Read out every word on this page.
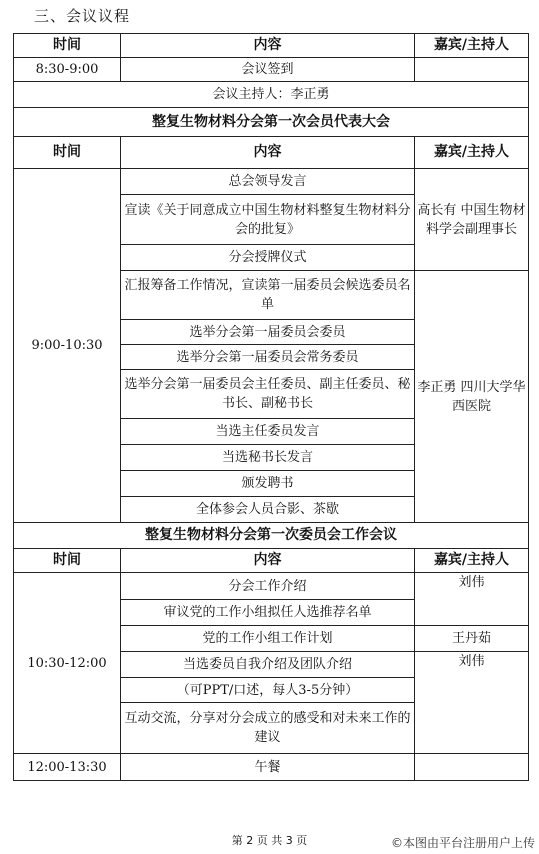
三、会议议程
时间	内容	嘉宾/主持人
8:30-9:00	会议签到	
会议主持人：李正勇		
整复生物材料分会第一次会员代表大会		
时间	内容	嘉宾/主持人
9:00-10:30	总会领导发言	高长有 中国生物材料学会副理事长
	宣读《关于同意成立中国生物材料整复生物材料分会的批复》	
	分会授牌仪式	
	汇报筹备工作情况，宣读第一届委员会候选委员名单	李正勇 四川大学华西医院
	选举分会第一届委员会委员	
	选举分会第一届委员会常务委员	
	选举分会第一届委员会主任委员、副主任委员、秘书长、副秘书长	
	当选主任委员发言	
	当选秘书长发言	
	颁发聘书	
	全体参会人员合影、茶歇	
整复生物材料分会第一次委员会工作会议		
时间	内容	嘉宾/主持人
10:30-12:00	分会工作介绍	刘伟
	审议党的工作小组拟任人选推荐名单	
	党的工作小组工作计划	王丹茹
	当选委员自我介绍及团队介绍	刘伟
	（可PPT/口述，每人3-5分钟）	
	互动交流，分享对分会成立的感受和对未来工作的建议	
12:00-13:30	午餐	
第 2 页 共 3 页	©本图由平台注册用户上传
